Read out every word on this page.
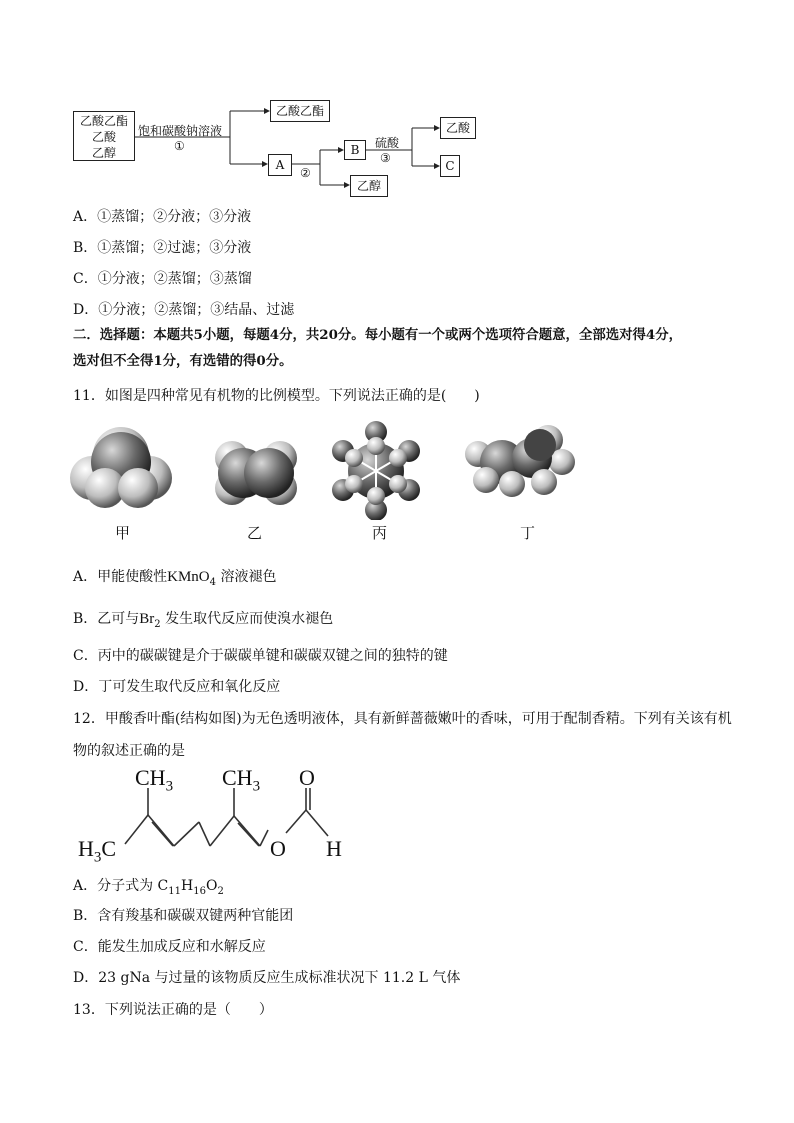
乙酸乙酯
乙酸
乙醇
饱和碳酸钠溶液
①
乙酸乙酯
A
②
B
乙醇
硫酸
③
乙酸
C
A．①蒸馏；②分液；③分液
B．①蒸馏；②过滤；③分液
C．①分液；②蒸馏；③蒸馏
D．①分液；②蒸馏；③结晶、过滤
二．选择题：本题共5小题，每题4分，共20分。每小题有一个或两个选项符合题意，全部选对得4分，
选对但不全得1分，有选错的得0分。
11．如图是四种常见有机物的比例模型。下列说法正确的是(　　)
甲	乙	丙	丁
A．甲能使酸性KMnO$_4$ 溶液褪色
B．乙可与$Br_2$ 发生取代反应而使溴水褪色
C．丙中的碳碳键是介于碳碳单键和碳碳双键之间的独特的键
D．丁可发生取代反应和氧化反应
12．甲酸香叶酯(结构如图)为无色透明液体，具有新鲜蔷薇嫩叶的香味，可用于配制香精。下列有关该有机
物的叙述正确的是
$CH_3$ $CH_3$
$H_3C$
O
O H
A．分子式为 $C_{11}H_{16}O_2$
B．含有羧基和碳碳双键两种官能团
C．能发生加成反应和水解反应
D．23 gNa 与过量的该物质反应生成标准状况下 11.2 L 气体
13．下列说法正确的是（　　）
